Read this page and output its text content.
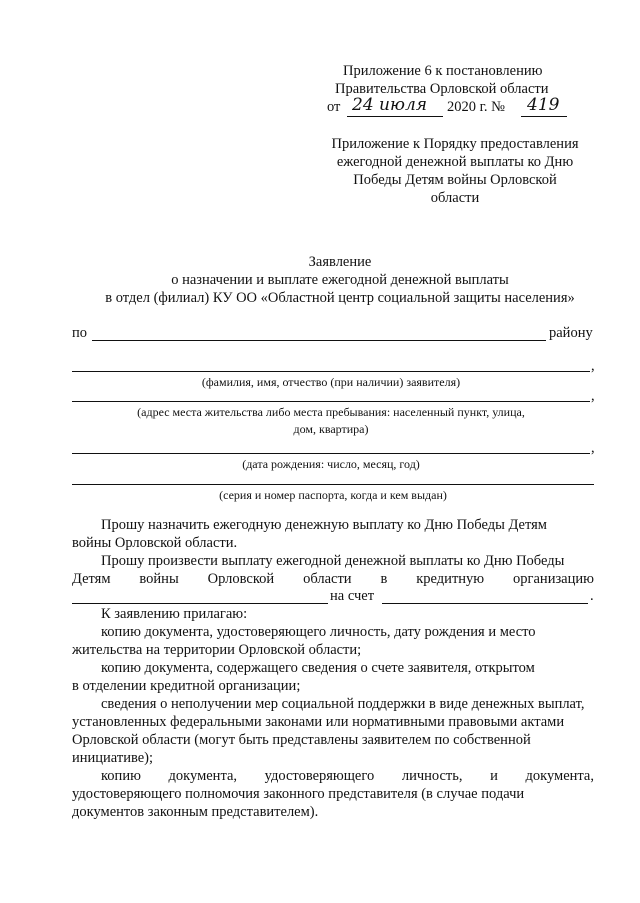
Приложение 6 к постановлению
Правительства Орловской области
от 24 июля 2020 г. № 419
Приложение к Порядку предоставления
ежегодной денежной выплаты ко Дню
Победы Детям войны Орловской
области
Заявление
о назначении и выплате ежегодной денежной выплаты
в отдел (филиал) КУ ОО «Областной центр социальной защиты населения»
по	району
,
(фамилия, имя, отчество (при наличии) заявителя)
,
(адрес места жительства либо места пребывания: населенный пункт, улица,
дом, квартира)
,
(дата рождения: число, месяц, год)
(серия и номер паспорта, когда и кем выдан)
Прошу назначить ежегодную денежную выплату ко Дню Победы Детям
войны Орловской области.
Прошу произвести выплату ежегодной денежной выплаты ко Дню Победы
Детям войны Орловской области в кредитную организацию
на счет	.
К заявлению прилагаю:
копию документа, удостоверяющего личность, дату рождения и место
жительства на территории Орловской области;
копию документа, содержащего сведения о счете заявителя, открытом
в отделении кредитной организации;
сведения о неполучении мер социальной поддержки в виде денежных выплат,
установленных федеральными законами или нормативными правовыми актами
Орловской области (могут быть представлены заявителем по собственной
инициативе);
копию документа, удостоверяющего личность, и документа,
удостоверяющего полномочия законного представителя (в случае подачи
документов законным представителем).
